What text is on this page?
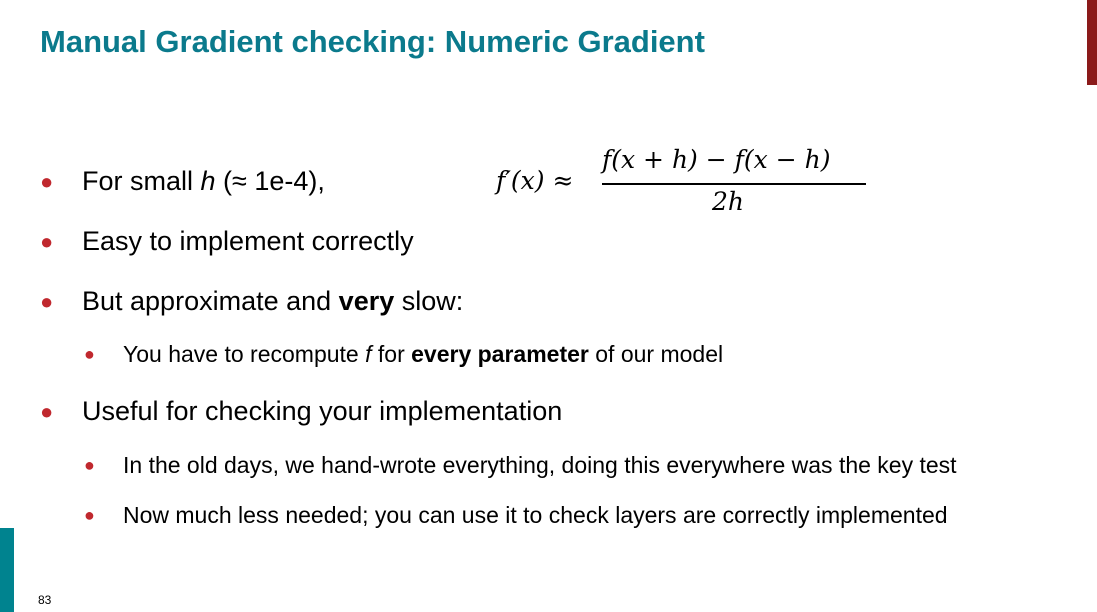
Manual Gradient checking: Numeric Gradient
● For small h (≈ 1e-4),	f′(x) ≈
f(x + h) − f(x − h)
2h
● Easy to implement correctly
● But approximate and very slow:
● You have to recompute f for every parameter of our model
● Useful for checking your implementation
● In the old days, we hand-wrote everything, doing this everywhere was the key test
● Now much less needed; you can use it to check layers are correctly implemented
83
